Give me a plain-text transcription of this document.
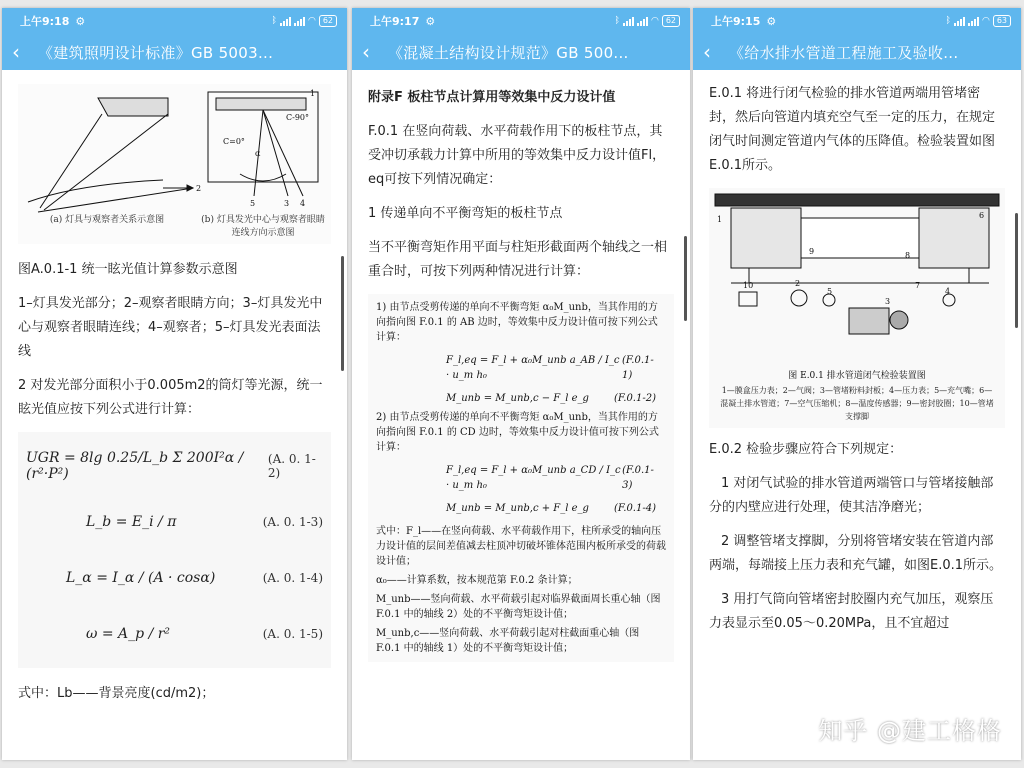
上午9:18 ⚙	ᛒ	◠ 62
‹	《建筑照明设计标准》GB 5003...
2
1
C=0°
C-90°
5	3 4
α
(a) 灯具与观察者关系示意图	(b) 灯具发光中心与观察者眼睛连线方向示意图
图A.0.1-1 统一眩光值计算参数示意图
1–灯具发光部分；2–观察者眼睛方向；3–灯具发光中心与观察者眼睛连线；4–观察者；5–灯具发光表面法线
2 对发光部分面积小于0.005m2的筒灯等光源，统一眩光值应按下列公式进行计算：
UGR = 8lg 0.25/L_b Σ 200I²α / (r²·P²)
(A. 0. 1-2)
L_b = E_i / π	(A. 0. 1-3)
L_α = I_α / (A · cosα)	(A. 0. 1-4)
ω = A_p / r²	(A. 0. 1-5)
式中：Lb——背景亮度(cd/m2)；
上午9:17 ⚙	ᛒ	◠ 62
‹	《混凝土结构设计规范》GB 500...
附录F 板柱节点计算用等效集中反力设计值
F.0.1 在竖向荷载、水平荷载作用下的板柱节点，其受冲切承载力计算中所用的等效集中反力设计值Fl，eq可按下列情况确定：
1 传递单向不平衡弯矩的板柱节点
当不平衡弯矩作用平面与柱矩形截面两个轴线之一相重合时，可按下列两种情况进行计算：
1) 由节点受剪传递的单向不平衡弯矩 α₀M_unb，当其作用的方向指向图 F.0.1 的 AB 边时，等效集中反力设计值可按下列公式计算：
F_l,eq = F_l + α₀M_unb a_AB / I_c · u_m h₀
(F.0.1-1)
M_unb = M_unb,c − F_l e_g	(F.0.1-2)
2) 由节点受剪传递的单向不平衡弯矩 α₀M_unb，当其作用的方向指向图 F.0.1 的 CD 边时，等效集中反力设计值可按下列公式计算：
F_l,eq = F_l + α₀M_unb a_CD / I_c · u_m h₀
(F.0.1-3)
M_unb = M_unb,c + F_l e_g	(F.0.1-4)
式中：F_l——在竖向荷载、水平荷载作用下，柱所承受的轴向压力设计值的层间差值减去柱顶冲切破坏锥体范围内板所承受的荷载设计值；
α₀——计算系数，按本规范第 F.0.2 条计算；
M_unb——竖向荷载、水平荷载引起对临界截面周长重心轴（图 F.0.1 中的轴线 2）处的不平衡弯矩设计值；
M_unb,c——竖向荷载、水平荷载引起对柱截面重心轴（图 F.0.1 中的轴线 1）处的不平衡弯矩设计值；
上午9:15 ⚙	ᛒ	◠ 63
‹	《给水排水管道工程施工及验收...
E.0.1 将进行闭气检验的排水管道两端用管堵密封，然后向管道内填充空气至一定的压力，在规定闭气时间测定管道内气体的压降值。检验装置如图E.0.1所示。
1
9
10	2
5
3
7
4
6
8
图 E.0.1 排水管道闭气检验装置图
1—膜盒压力表；2—气阀；3—管堵粉料封板；4—压力表；5—充气嘴；6—混凝土排水管道；7—空气压缩机；8—温度传感器；9—密封胶圈；10—管堵支撑脚
E.0.2 检验步骤应符合下列规定：
1 对闭气试验的排水管道两端管口与管堵接触部分的内壁应进行处理，使其洁净磨光；
2 调整管堵支撑脚，分别将管堵安装在管道内部两端，每端接上压力表和充气罐，如图E.0.1所示。
3 用打气筒向管堵密封胶圈内充气加压，观察压力表显示至0.05～0.20MPa，且不宜超过
知乎 @建工格格
